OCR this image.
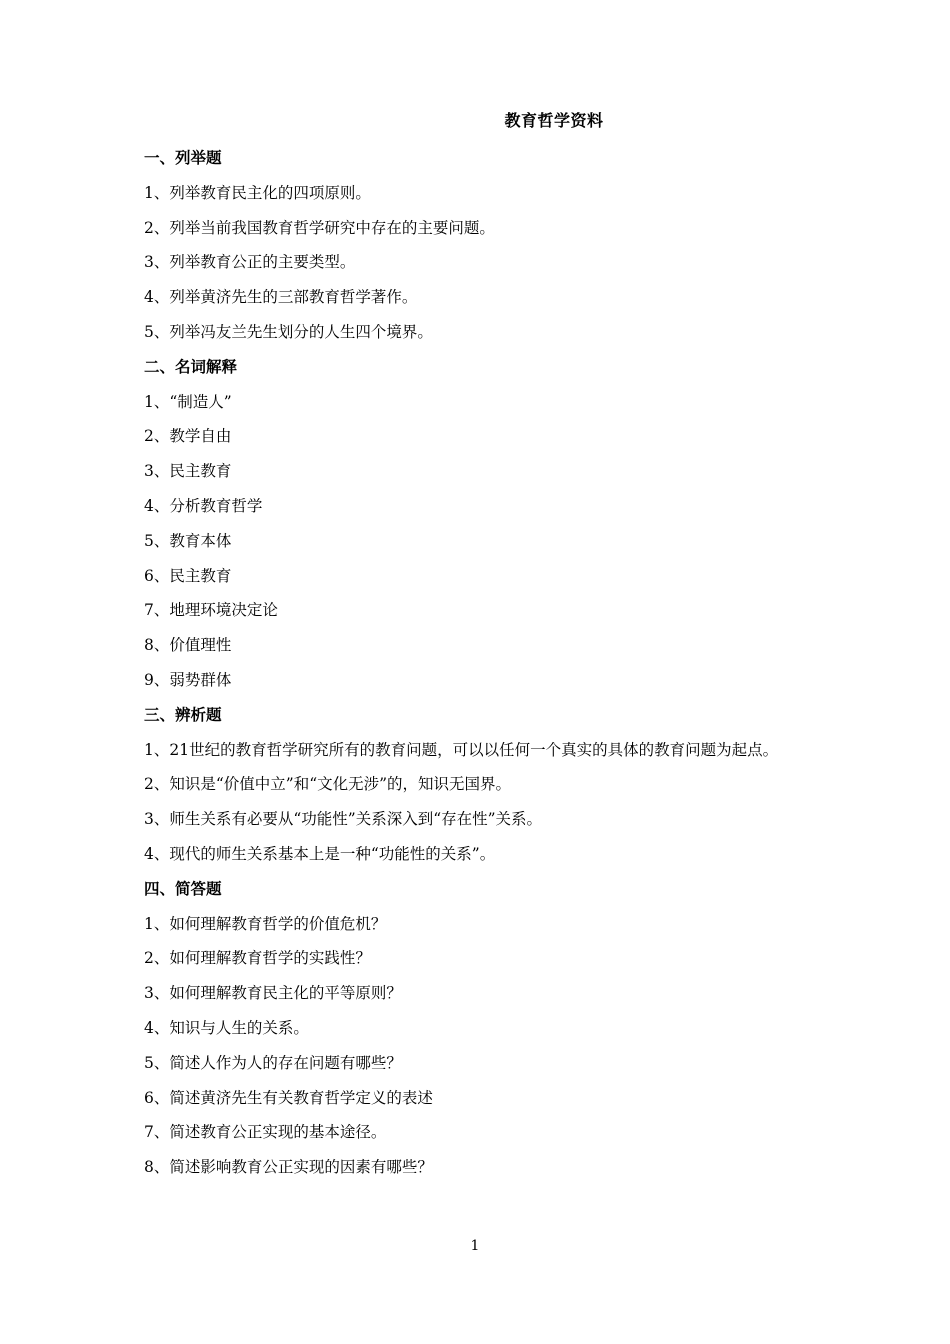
教育哲学资料
一、列举题
1、列举教育民主化的四项原则。
2、列举当前我国教育哲学研究中存在的主要问题。
3、列举教育公正的主要类型。
4、列举黄济先生的三部教育哲学著作。
5、列举冯友兰先生划分的人生四个境界。
二、名词解释
1、“制造人”
2、教学自由
3、民主教育
4、分析教育哲学
5、教育本体
6、民主教育
7、地理环境决定论
8、价值理性
9、弱势群体
三、辨析题
1、21世纪的教育哲学研究所有的教育问题，可以以任何一个真实的具体的教育问题为起点。
2、知识是“价值中立”和“文化无涉”的，知识无国界。
3、师生关系有必要从“功能性”关系深入到“存在性”关系。
4、现代的师生关系基本上是一种“功能性的关系”。
四、简答题
1、如何理解教育哲学的价值危机？
2、如何理解教育哲学的实践性？
3、如何理解教育民主化的平等原则？
4、知识与人生的关系。
5、简述人作为人的存在问题有哪些？
6、简述黄济先生有关教育哲学定义的表述
7、简述教育公正实现的基本途径。
8、简述影响教育公正实现的因素有哪些？
1
